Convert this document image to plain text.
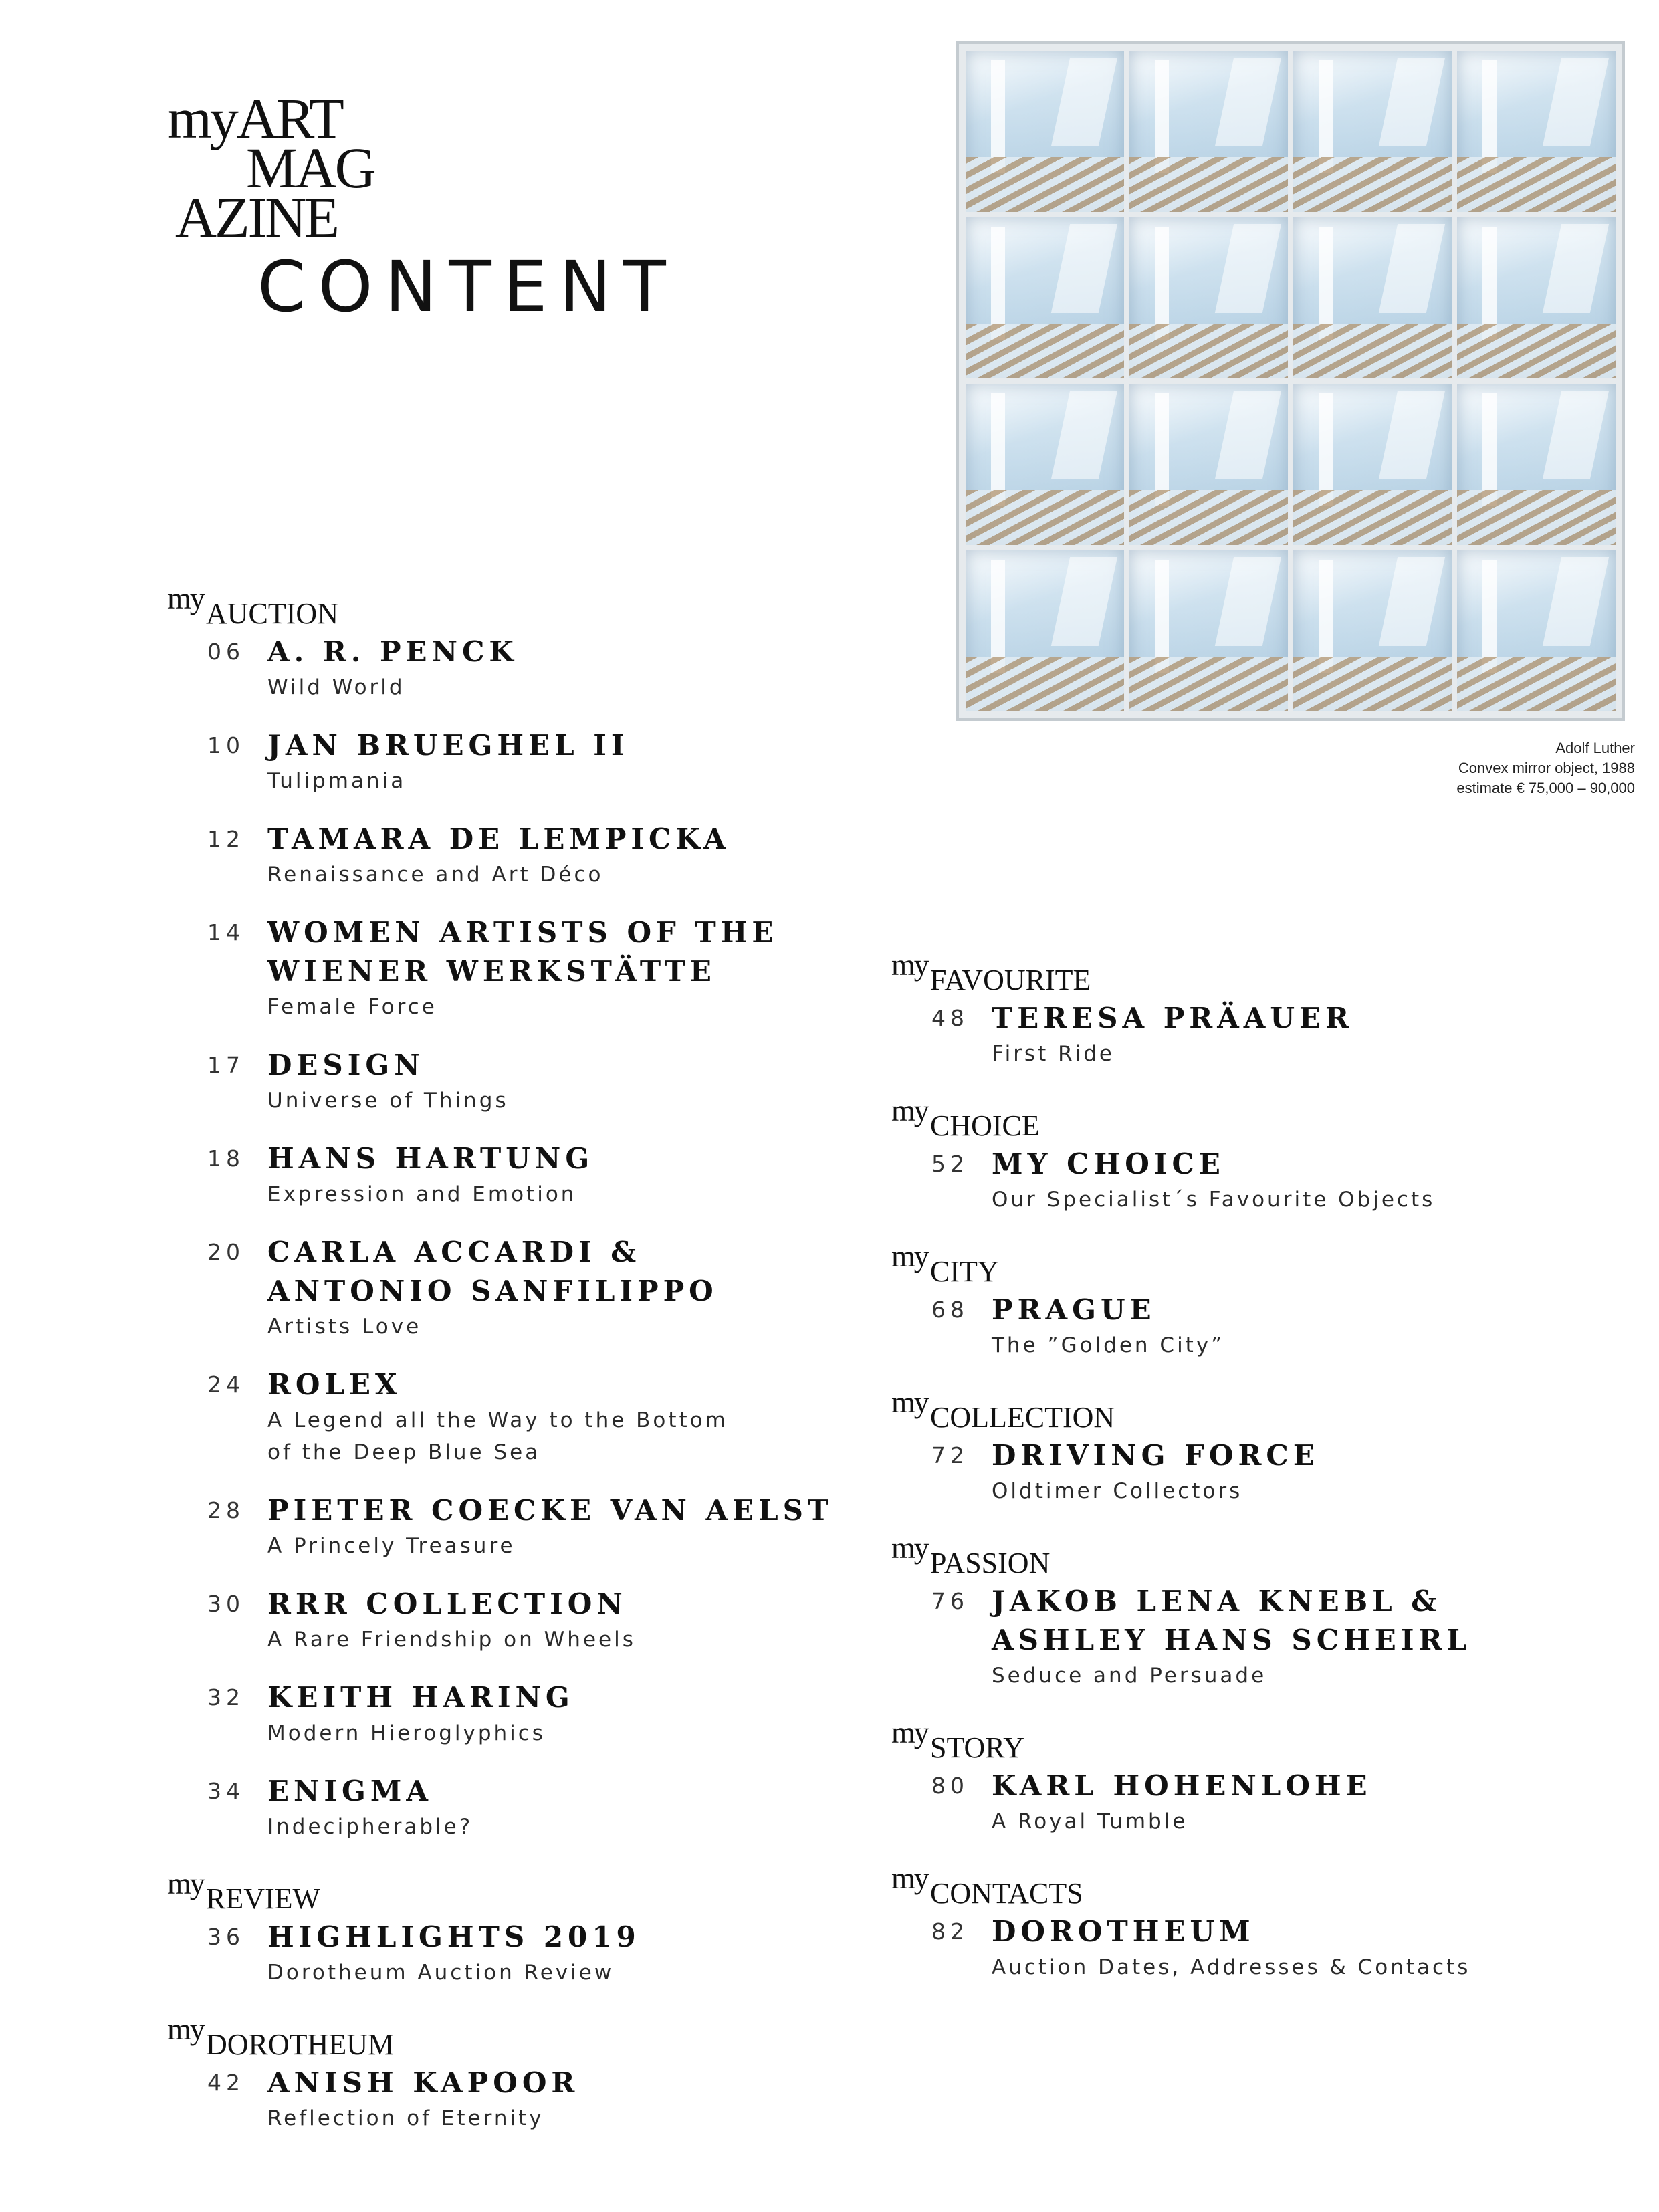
myART
MAG
AZINE
CONTENT
Adolf Luther
Convex mirror object, 1988
estimate € 75,000 – 90,000
my AUCTION
06 A. R. PENCK
Wild World
10 JAN BRUEGHEL II
Tulipmania
12 TAMARA DE LEMPICKA
Renaissance and Art Déco
14 WOMEN ARTISTS OF THE
WIENER WERKSTÄTTE
Female Force
17 DESIGN
Universe of Things
18 HANS HARTUNG
Expression and Emotion
20 CARLA ACCARDI &
ANTONIO SANFILIPPO
Artists Love
24 ROLEX
A Legend all the Way to the Bottom
of the Deep Blue Sea
28 PIETER COECKE VAN AELST
A Princely Treasure
30 RRR COLLECTION
A Rare Friendship on Wheels
32 KEITH HARING
Modern Hieroglyphics
34 ENIGMA
Indecipherable?
my REVIEW
36 HIGHLIGHTS 2019
Dorotheum Auction Review
my DOROTHEUM
42 ANISH KAPOOR
Reflection of Eternity
my FAVOURITE
48 TERESA PRÄAUER
First Ride
my CHOICE
52 MY CHOICE
Our Specialist´s Favourite Objects
my CITY
68 PRAGUE
The ”Golden City”
my COLLECTION
72 DRIVING FORCE
Oldtimer Collectors
my PASSION
76 JAKOB LENA KNEBL &
ASHLEY HANS SCHEIRL
Seduce and Persuade
my STORY
80 KARL HOHENLOHE
A Royal Tumble
my CONTACTS
82 DOROTHEUM
Auction Dates, Addresses & Contacts
